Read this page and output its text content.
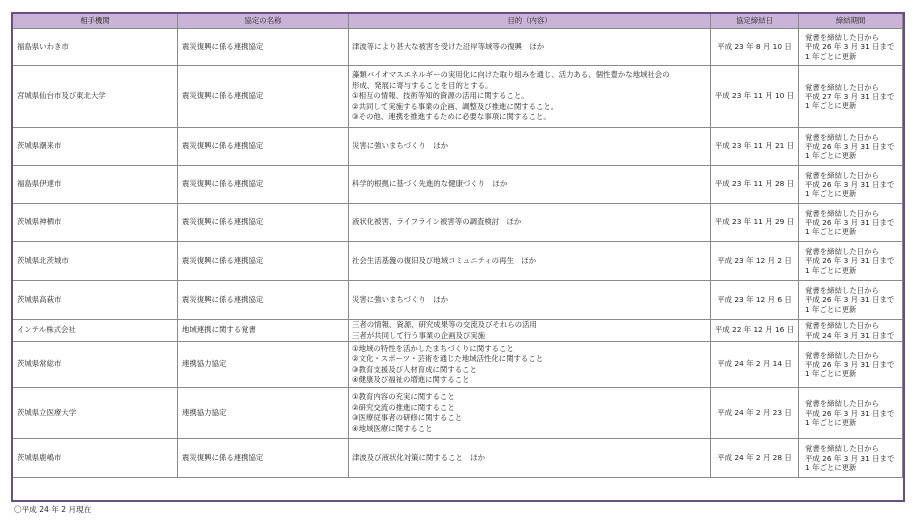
相手機関	協定の名称	目的（内容）	協定締結日	締結期間
福島県いわき市	震災復興に係る連携協定	津波等により甚大な被害を受けた沿岸等域等の復興　ほか	平成 23 年 8 月 10 日	覚書を締結した日から
平成 26 年 3 月 31 日まで
1 年ごとに更新

宮城県仙台市及び東北大学	震災復興に係る連携協定	藻類バイオマスエネルギーの実用化に向けた取り組みを通じ、活力ある、個性豊かな地域社会の
形成、発展に寄与することを目的とする。
①相互の情報、技術等知的資源の活用に関すること。
②共同して実施する事業の企画、調整及び推進に関すること。
③その他、連携を推進するために必要な事項に関すること。	平成 23 年 11 月 10 日	覚書を締結した日から
平成 27 年 3 月 31 日まで
1 年ごとに更新

茨城県潮来市	震災復興に係る連携協定	災害に強いまちづくり　ほか	平成 23 年 11 月 21 日	覚書を締結した日から
平成 26 年 3 月 31 日まで
1 年ごとに更新

福島県伊達市	震災復興に係る連携協定	科学的根拠に基づく先進的な健康づくり　ほか	平成 23 年 11 月 28 日	覚書を締結した日から
平成 26 年 3 月 31 日まで
1 年ごとに更新

茨城県神栖市	震災復興に係る連携協定	液状化被害、ライフライン被害等の調査検討　ほか	平成 23 年 11 月 29 日	覚書を締結した日から
平成 26 年 3 月 31 日まで
1 年ごとに更新

茨城県北茨城市	震災復興に係る連携協定	社会生活基盤の復旧及び地域コミュニティの再生　ほか	平成 23 年 12 月 2 日	覚書を締結した日から
平成 26 年 3 月 31 日まで
1 年ごとに更新

茨城県高萩市	震災復興に係る連携協定	災害に強いまちづくり　ほか	平成 23 年 12 月 6 日	覚書を締結した日から
平成 26 年 3 月 31 日まで
1 年ごとに更新

インテル株式会社	地域連携に関する覚書	三者の情報、資源、研究成果等の交流及びそれらの活用
三者が共同して行う事業の企画及び実施	平成 22 年 12 月 16 日	覚書を締結した日から
平成 24 年 3 月 31 日まで

茨城県常総市	連携協力協定	①地域の特性を活かしたまちづくりに関すること
②文化・スポーツ・芸術を通じた地域活性化に関すること
③教育支援及び人材育成に関すること
④健康及び福祉の増進に関すること	平成 24 年 2 月 14 日	覚書を締結した日から
平成 26 年 3 月 31 日まで
1 年ごとに更新

茨城県立医療大学	連携協力協定	①教育内容の充実に関すること
②研究交流の推進に関すること
③医療従事者の研修に関すること
④地域医療に関すること	平成 24 年 2 月 23 日	覚書を締結した日から
平成 26 年 3 月 31 日まで
1 年ごとに更新

茨城県鹿嶋市	震災復興に係る連携協定	津波及び液状化対策に関すること　ほか	平成 24 年 2 月 28 日	覚書を締結した日から
平成 26 年 3 月 31 日まで
1 年ごとに更新
〇平成 24 年 2 月現在
